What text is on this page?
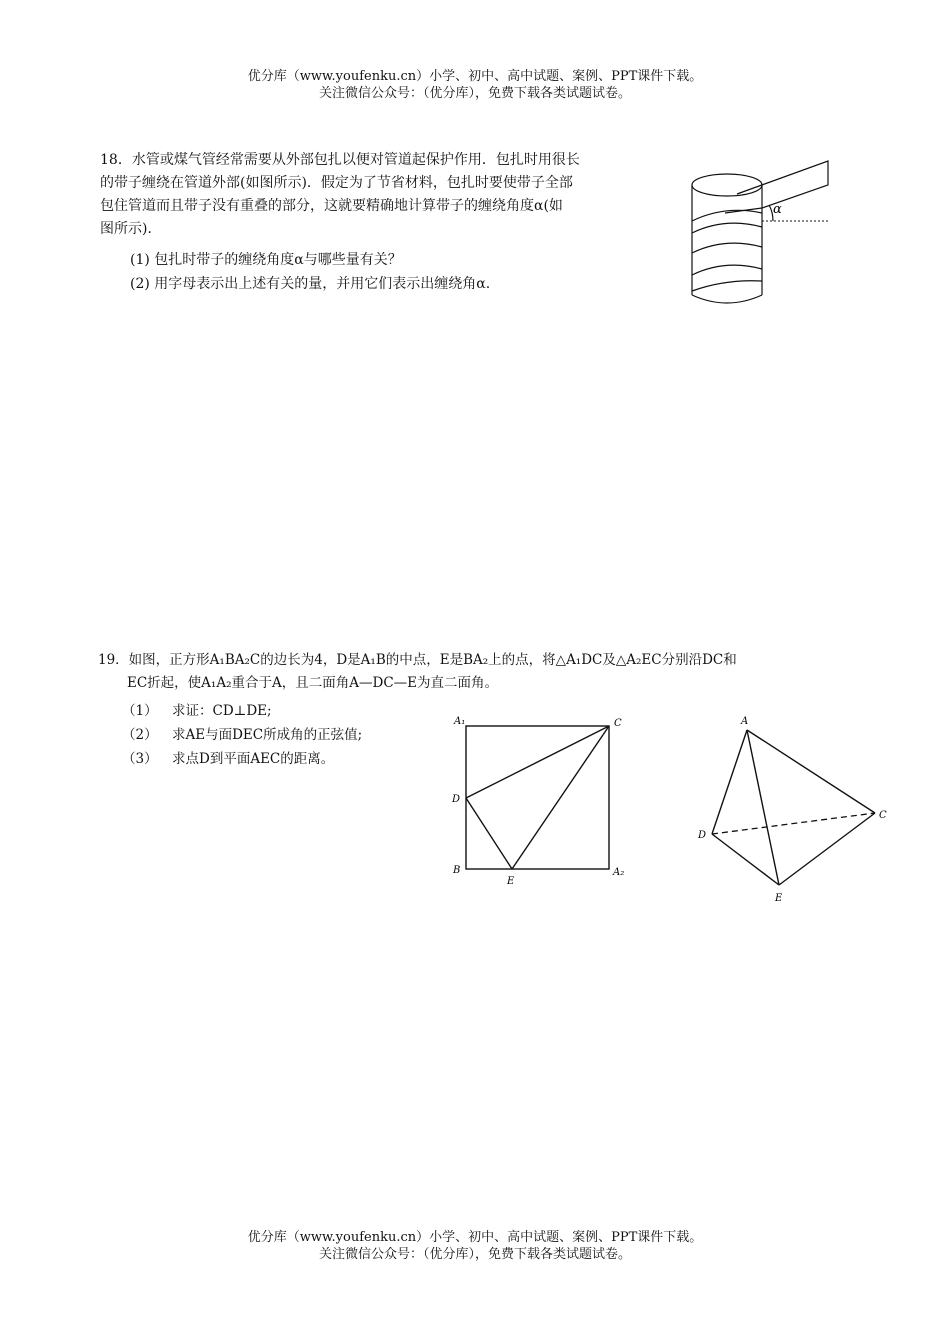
优分库（www.youfenku.cn）小学、初中、高中试题、案例、PPT课件下载。
关注微信公众号：（优分库），免费下载各类试题试卷。
18．水管或煤气管经常需要从外部包扎以便对管道起保护作用．包扎时用很长
的带子缠绕在管道外部(如图所示)．假定为了节省材料，包扎时要使带子全部
包住管道而且带子没有重叠的部分，这就要精确地计算带子的缠绕角度α(如
图所示)．
(1) 包扎时带子的缠绕角度α与哪些量有关？
(2) 用字母表示出上述有关的量，并用它们表示出缠绕角α.
α
19．如图，正方形A₁BA₂C的边长为4，D是A₁B的中点，E是BA₂上的点，将△A₁DC及△A₂EC分别沿DC和
EC折起，使A₁A₂重合于A，且二面角A—DC—E为直二面角。
（1） 求证：CD⊥DE;
（2） 求AE与面DEC所成角的正弦值;
（3） 求点D到平面AEC的距离。
A₁	C
D
B
E
A₂
A
C
D
E
优分库（www.youfenku.cn）小学、初中、高中试题、案例、PPT课件下载。
关注微信公众号：（优分库），免费下载各类试题试卷。
